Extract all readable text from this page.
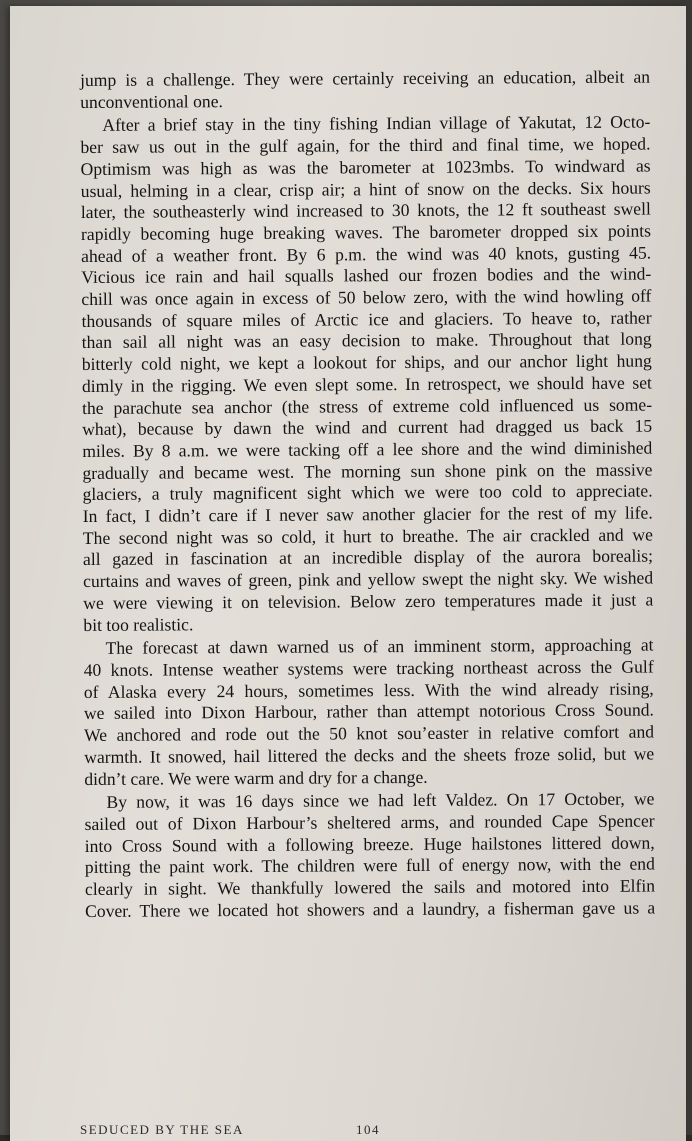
jump is a challenge. They were certainly receiving an education, albeit an
unconventional one.
After a brief stay in the tiny fishing Indian village of Yakutat, 12 Octo-
ber saw us out in the gulf again, for the third and final time, we hoped.
Optimism was high as was the barometer at 1023mbs. To windward as
usual, helming in a clear, crisp air; a hint of snow on the decks. Six hours
later, the southeasterly wind increased to 30 knots, the 12 ft southeast swell
rapidly becoming huge breaking waves. The barometer dropped six points
ahead of a weather front. By 6 p.m. the wind was 40 knots, gusting 45.
Vicious ice rain and hail squalls lashed our frozen bodies and the wind-
chill was once again in excess of 50 below zero, with the wind howling off
thousands of square miles of Arctic ice and glaciers. To heave to, rather
than sail all night was an easy decision to make. Throughout that long
bitterly cold night, we kept a lookout for ships, and our anchor light hung
dimly in the rigging. We even slept some. In retrospect, we should have set
the parachute sea anchor (the stress of extreme cold influenced us some-
what), because by dawn the wind and current had dragged us back 15
miles. By 8 a.m. we were tacking off a lee shore and the wind diminished
gradually and became west. The morning sun shone pink on the massive
glaciers, a truly magnificent sight which we were too cold to appreciate.
In fact, I didn’t care if I never saw another glacier for the rest of my life.
The second night was so cold, it hurt to breathe. The air crackled and we
all gazed in fascination at an incredible display of the aurora borealis;
curtains and waves of green, pink and yellow swept the night sky. We wished
we were viewing it on television. Below zero temperatures made it just a
bit too realistic.
The forecast at dawn warned us of an imminent storm, approaching at
40 knots. Intense weather systems were tracking northeast across the Gulf
of Alaska every 24 hours, sometimes less. With the wind already rising,
we sailed into Dixon Harbour, rather than attempt notorious Cross Sound.
We anchored and rode out the 50 knot sou’easter in relative comfort and
warmth. It snowed, hail littered the decks and the sheets froze solid, but we
didn’t care. We were warm and dry for a change.
By now, it was 16 days since we had left Valdez. On 17 October, we
sailed out of Dixon Harbour’s sheltered arms, and rounded Cape Spencer
into Cross Sound with a following breeze. Huge hailstones littered down,
pitting the paint work. The children were full of energy now, with the end
clearly in sight. We thankfully lowered the sails and motored into Elfin
Cover. There we located hot showers and a laundry, a fisherman gave us a
SEDUCED BY THE SEA	104
